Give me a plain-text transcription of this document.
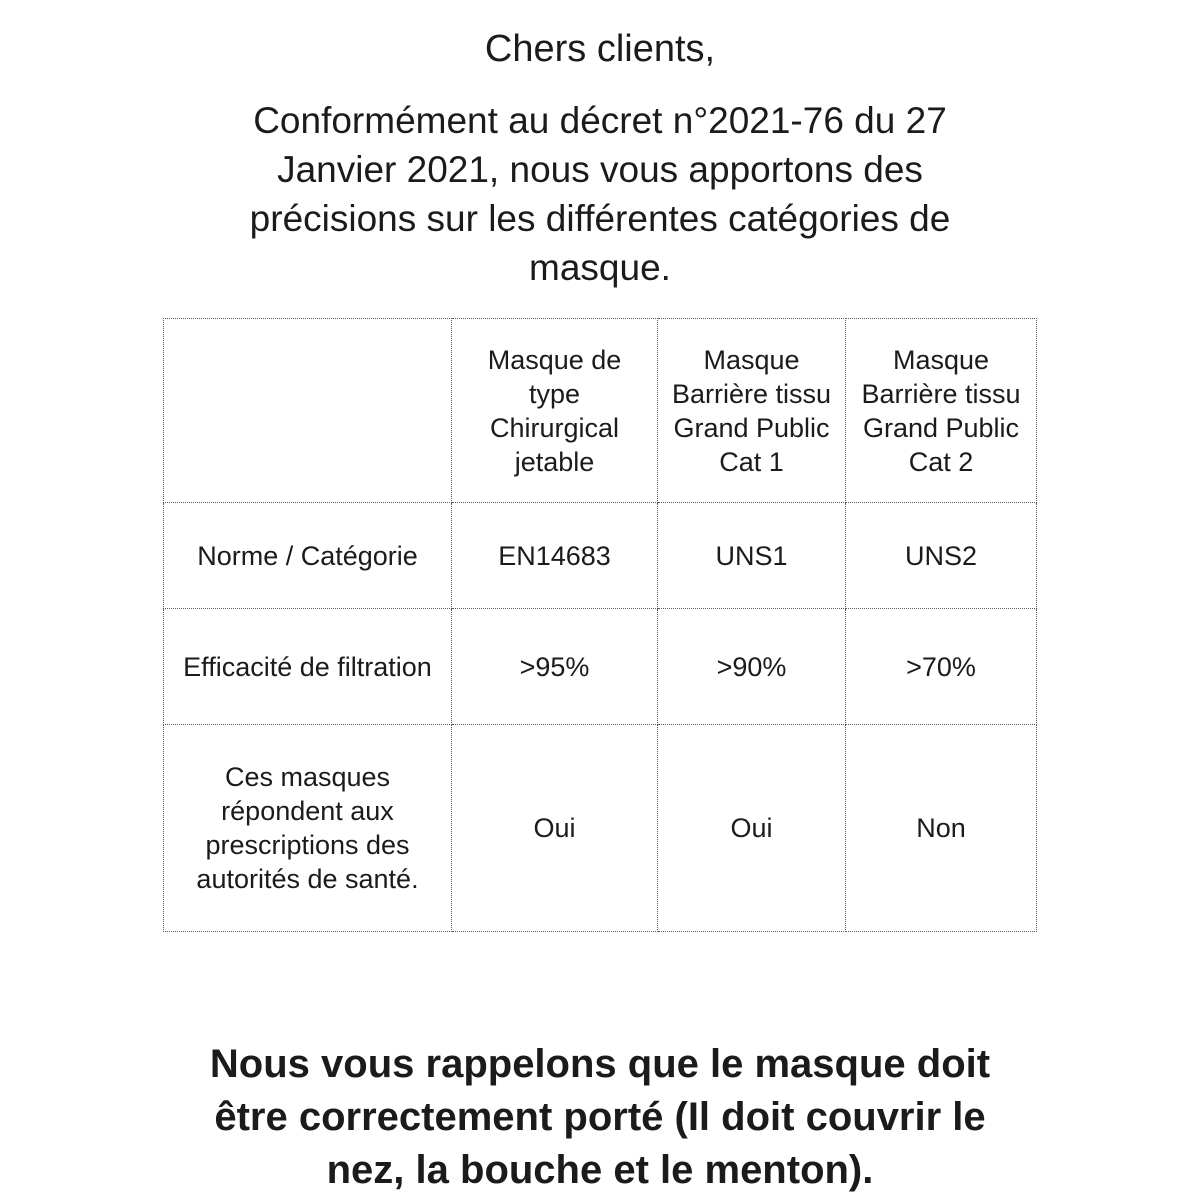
Chers clients,
Conformément au décret n°2021-76 du 27
Janvier 2021, nous vous apportons des
précisions sur les différentes catégories de
masque.
	Masque de type Chirurgical jetable	Masque Barrière tissu Grand Public Cat 1	Masque Barrière tissu Grand Public Cat 2
Norme / Catégorie	EN14683	UNS1	UNS2
Efficacité de filtration	>95%	>90%	>70%
Ces masques répondent aux prescriptions des autorités de santé.	Oui	Oui	Non
Nous vous rappelons que le masque doit
être correctement porté (Il doit couvrir le
nez, la bouche et le menton).
